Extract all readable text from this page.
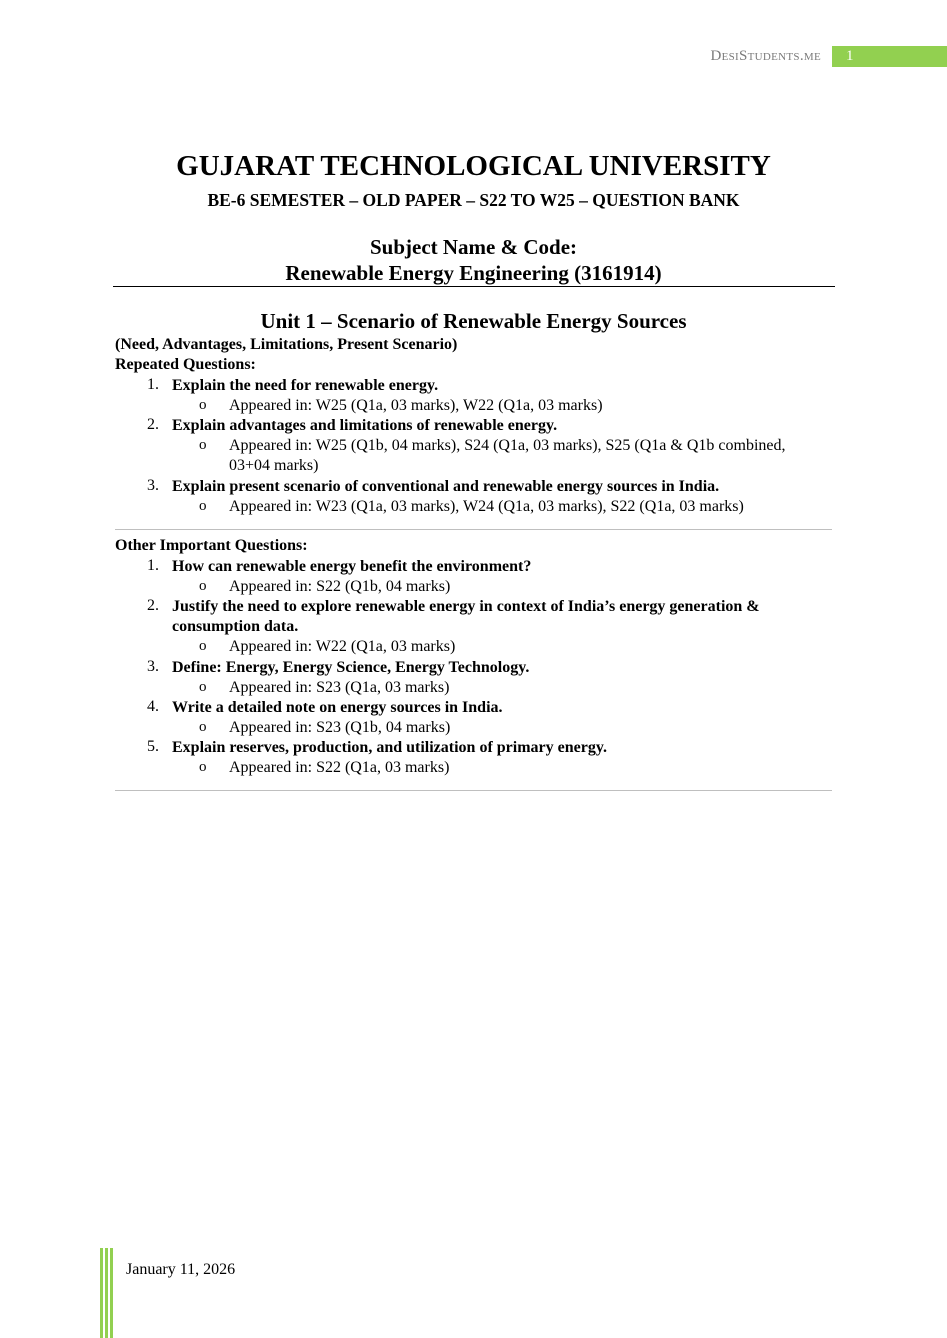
DesiStudents.me	1
GUJARAT TECHNOLOGICAL UNIVERSITY
BE-6 SEMESTER – OLD PAPER – S22 TO W25 – QUESTION BANK
Subject Name & Code:
Renewable Energy Engineering (3161914)
Unit 1 – Scenario of Renewable Energy Sources
(Need, Advantages, Limitations, Present Scenario)
Repeated Questions:
1. Explain the need for renewable energy.
o Appeared in: W25 (Q1a, 03 marks), W22 (Q1a, 03 marks)
2. Explain advantages and limitations of renewable energy.
o Appeared in: W25 (Q1b, 04 marks), S24 (Q1a, 03 marks), S25 (Q1a & Q1b combined, 03+04 marks)
3. Explain present scenario of conventional and renewable energy sources in India.
o Appeared in: W23 (Q1a, 03 marks), W24 (Q1a, 03 marks), S22 (Q1a, 03 marks)
Other Important Questions:
1. How can renewable energy benefit the environment?
o Appeared in: S22 (Q1b, 04 marks)
2. Justify the need to explore renewable energy in context of India’s energy generation & consumption data.
o Appeared in: W22 (Q1a, 03 marks)
3. Define: Energy, Energy Science, Energy Technology.
o Appeared in: S23 (Q1a, 03 marks)
4. Write a detailed note on energy sources in India.
o Appeared in: S23 (Q1b, 04 marks)
5. Explain reserves, production, and utilization of primary energy.
o Appeared in: S22 (Q1a, 03 marks)
January 11, 2026
